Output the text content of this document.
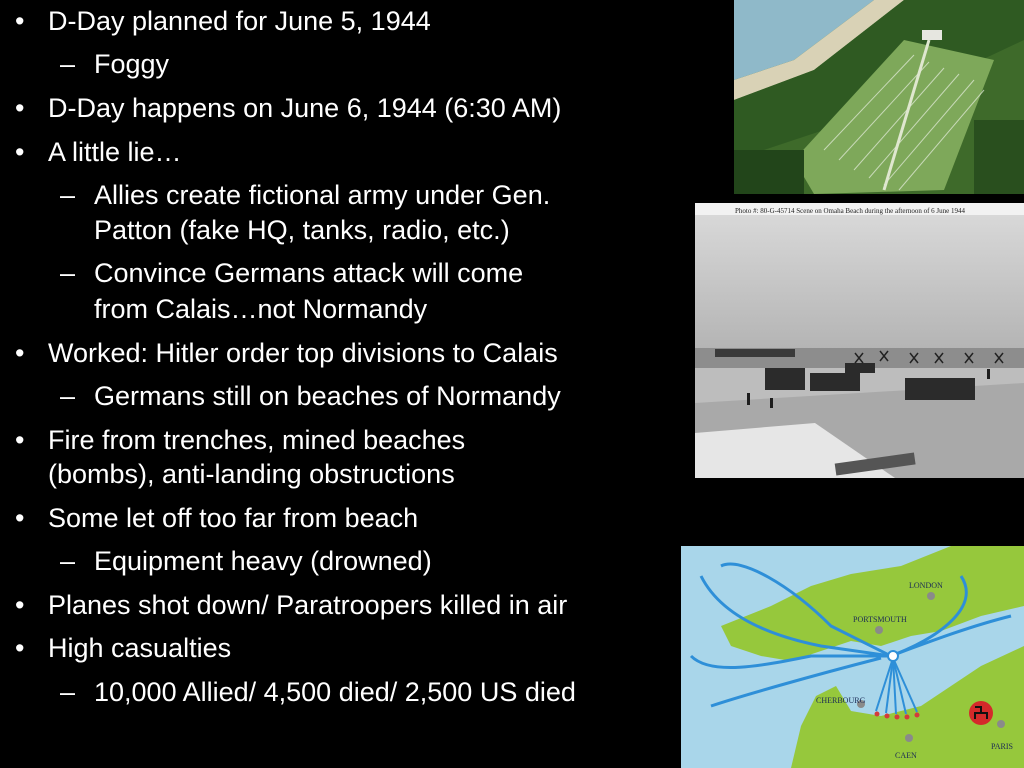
• D-Day planned for June 5, 1944
– Foggy
• D-Day happens on June 6, 1944 (6:30 AM)
• A little lie…
– Allies create fictional army under Gen.
Patton (fake HQ, tanks, radio, etc.)
– Convince Germans attack will come
from Calais…not Normandy
• Worked: Hitler order top divisions to Calais
– Germans still on beaches of Normandy
• Fire from trenches, mined beaches
(bombs), anti-landing obstructions
• Some let off too far from beach
– Equipment heavy (drowned)
• Planes shot down/ Paratroopers killed in air
• High casualties
– 10,000 Allied/ 4,500 died/ 2,500 US died
Photo #: 80-G-45714 Scene on Omaha Beach during the afternoon of 6 June 1944
LONDON
PORTSMOUTH
CHERBOURG
CAEN
PARIS
